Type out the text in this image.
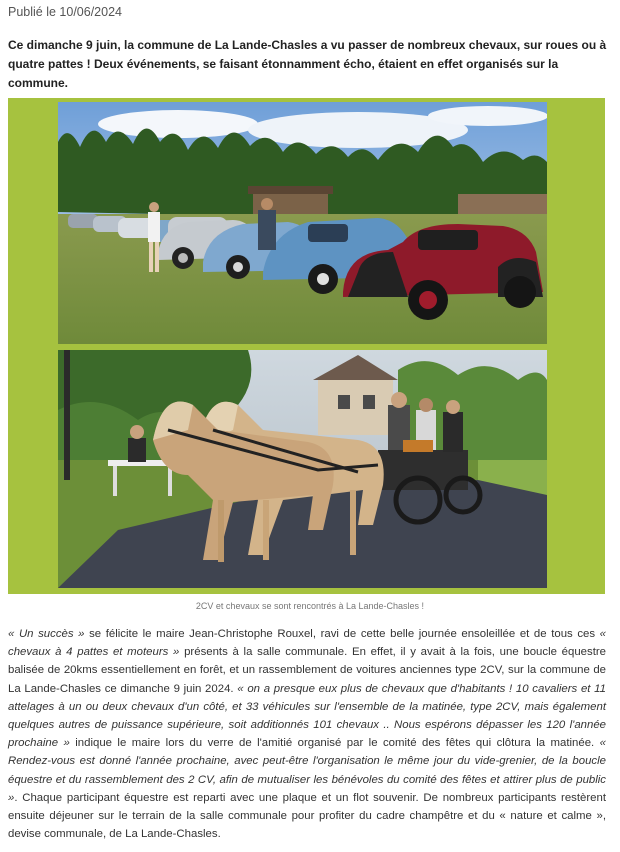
Publié le 10/06/2024

Ce dimanche 9 juin, la commune de La Lande-Chasles a vu passer de nombreux chevaux, sur roues ou à quatre pattes ! Deux événements, se faisant étonnamment écho, étaient en effet organisés sur la commune.

2CV et chevaux se sont rencontrés à La Lande-Chasles !

« Un succès » se félicite le maire Jean-Christophe Rouxel, ravi de cette belle journée ensoleillée et de tous ces « chevaux à 4 pattes et moteurs » présents à la salle communale. En effet, il y avait à la fois, une boucle équestre balisée de 20kms essentiellement en forêt, et un rassemblement de voitures anciennes type 2CV, sur la commune de La Lande-Chasles ce dimanche 9 juin 2024. « on a presque eux plus de chevaux que d'habitants ! 10 cavaliers et 11 attelages à un ou deux chevaux d'un côté, et 33 véhicules sur l'ensemble de la matinée, type 2CV, mais également quelques autres de puissance supérieure, soit additionnés 101 chevaux .. Nous espérons dépasser les 120 l'année prochaine » indique le maire lors du verre de l'amitié organisé par le comité des fêtes qui clôtura la matinée. « Rendez-vous est donné l'année prochaine, avec peut-être l'organisation le même jour du vide-grenier, de la boucle équestre et du rassemblement des 2 CV, afin de mutualiser les bénévoles du comité des fêtes et attirer plus de public ». Chaque participant équestre est reparti avec une plaque et un flot souvenir. De nombreux participants restèrent ensuite déjeuner sur le terrain de la salle communale pour profiter du cadre champêtre et du « nature et calme », devise communale, de La Lande-Chasles.
